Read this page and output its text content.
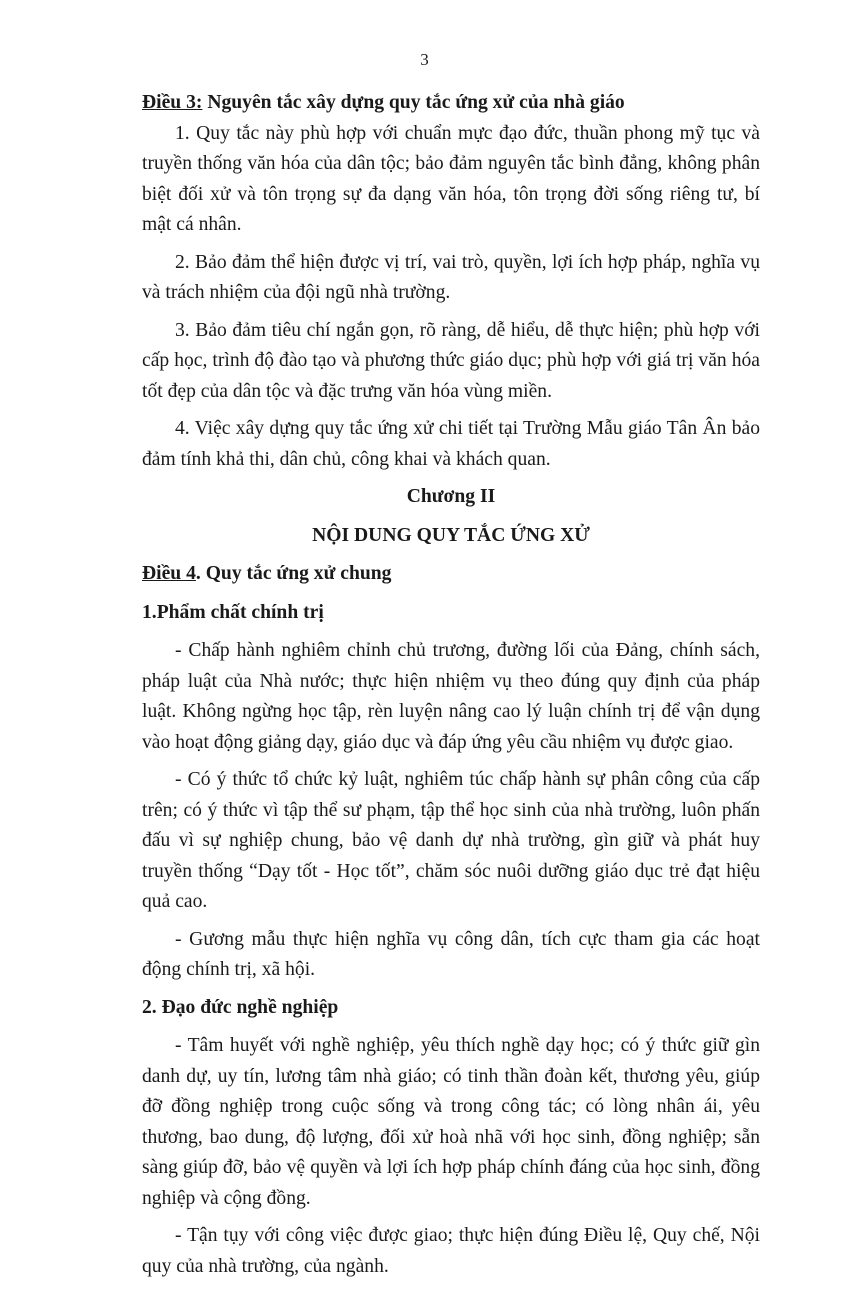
3
Điều 3: Nguyên tắc xây dựng quy tắc ứng xử của nhà giáo

1. Quy tắc này phù hợp với chuẩn mực đạo đức, thuần phong mỹ tục và truyền thống văn hóa của dân tộc; bảo đảm nguyên tắc bình đẳng, không phân biệt đối xử và tôn trọng sự đa dạng văn hóa, tôn trọng đời sống riêng tư, bí mật cá nhân.

2. Bảo đảm thể hiện được vị trí, vai trò, quyền, lợi ích hợp pháp, nghĩa vụ và trách nhiệm của đội ngũ nhà trường.

3. Bảo đảm tiêu chí ngắn gọn, rõ ràng, dễ hiểu, dễ thực hiện; phù hợp với cấp học, trình độ đào tạo và phương thức giáo dục; phù hợp với giá trị văn hóa tốt đẹp của dân tộc và đặc trưng văn hóa vùng miền.

4. Việc xây dựng quy tắc ứng xử chi tiết tại Trường Mẫu giáo Tân Ân bảo đảm tính khả thi, dân chủ, công khai và khách quan.

Chương II
NỘI DUNG QUY TẮC ỨNG XỬ
Điều 4. Quy tắc ứng xử chung
1.Phẩm chất chính trị

- Chấp hành nghiêm chỉnh chủ trương, đường lối của Đảng, chính sách, pháp luật của Nhà nước; thực hiện nhiệm vụ theo đúng quy định của pháp luật. Không ngừng học tập, rèn luyện nâng cao lý luận chính trị để vận dụng vào hoạt động giảng dạy, giáo dục và đáp ứng yêu cầu nhiệm vụ được giao.

- Có ý thức tổ chức kỷ luật, nghiêm túc chấp hành sự phân công của cấp trên; có ý thức vì tập thể sư phạm, tập thể học sinh của nhà trường, luôn phấn đấu vì sự nghiệp chung, bảo vệ danh dự nhà trường, gìn giữ và phát huy truyền thống “Dạy tốt - Học tốt”, chăm sóc nuôi dưỡng giáo dục trẻ đạt hiệu quả cao.

- Gương mẫu thực hiện nghĩa vụ công dân, tích cực tham gia các hoạt động chính trị, xã hội.

2. Đạo đức nghề nghiệp

- Tâm huyết với nghề nghiệp, yêu thích nghề dạy học; có ý thức giữ gìn danh dự, uy tín, lương tâm nhà giáo; có tinh thần đoàn kết, thương yêu, giúp đỡ đồng nghiệp trong cuộc sống và trong công tác; có lòng nhân ái, yêu thương, bao dung, độ lượng, đối xử hoà nhã với học sinh, đồng nghiệp; sẵn sàng giúp đỡ, bảo vệ quyền và lợi ích hợp pháp chính đáng của học sinh, đồng nghiệp và cộng đồng.

- Tận tụy với công việc được giao; thực hiện đúng Điều lệ, Quy chế, Nội quy của nhà trường, của ngành.
